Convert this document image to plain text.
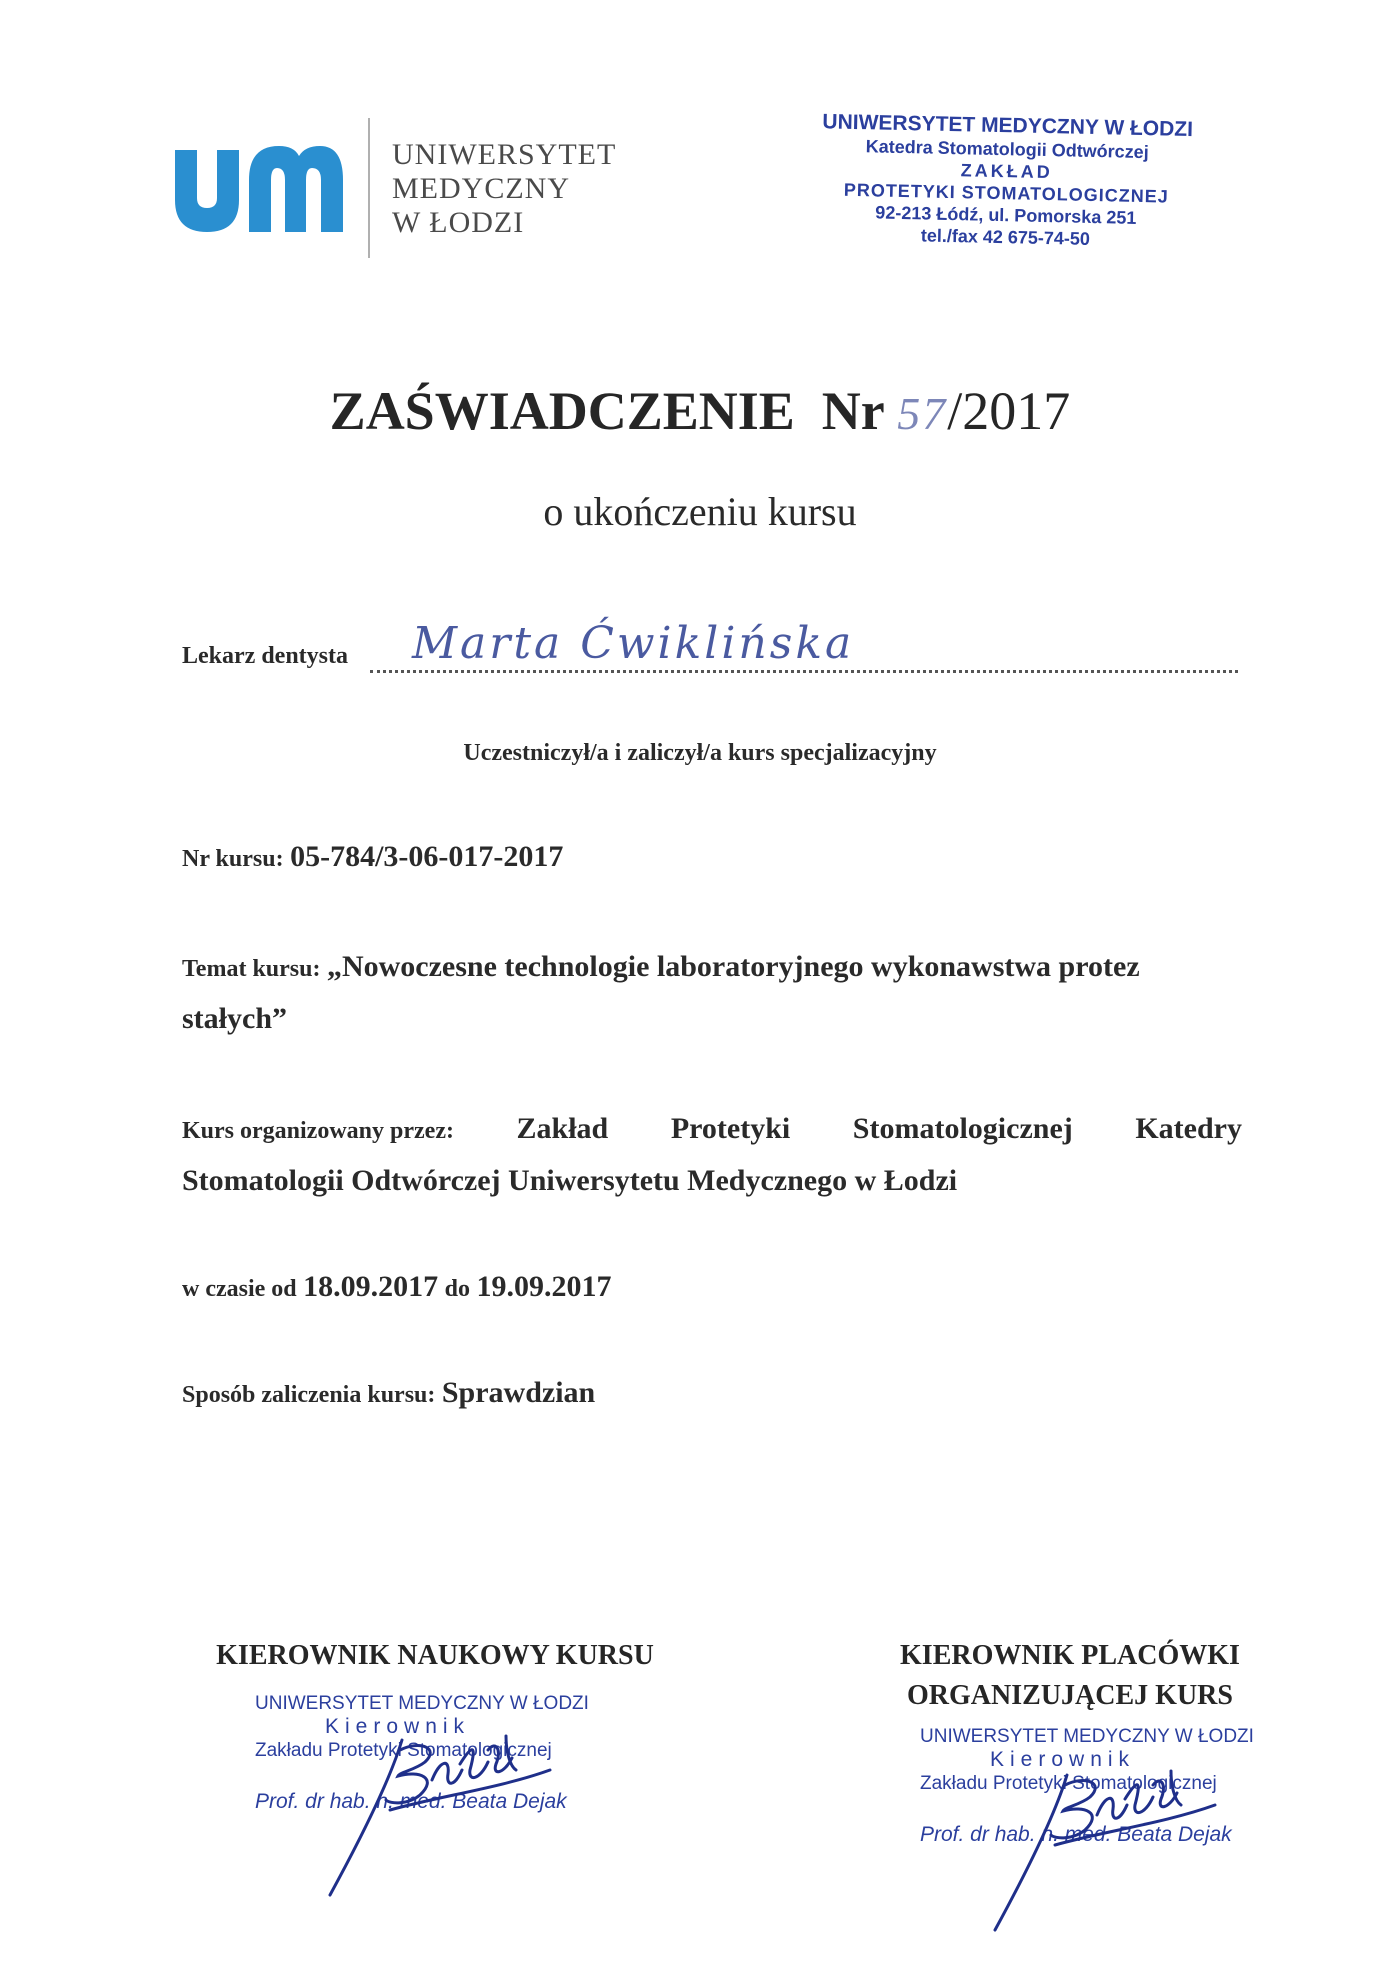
UNIWERSYTET
MEDYCZNY
W ŁODZI
UNIWERSYTET MEDYCZNY W ŁODZI
Katedra Stomatologii Odtwórczej
ZAKŁAD
PROTETYKI STOMATOLOGICZNEJ
92-213 Łódź, ul. Pomorska 251
tel./fax 42 675-74-50
ZAŚWIADCZENIE Nr 57/2017
o ukończeniu kursu
Lekarz dentysta Marta Ćwiklińska
Uczestniczył/a i zaliczył/a kurs specjalizacyjny
Nr kursu: 05-784/3-06-017-2017
Temat kursu: „Nowoczesne technologie laboratoryjnego wykonawstwa protez
stałych”
Kurs organizowany przez: Zakład Protetyki Stomatologicznej Katedry
Stomatologii Odtwórczej Uniwersytetu Medycznego w Łodzi
w czasie od 18.09.2017 do 19.09.2017
Sposób zaliczenia kursu: Sprawdzian
KIEROWNIK NAUKOWY KURSU
UNIWERSYTET MEDYCZNY W ŁODZI
Kierownik
Zakładu Protetyki Stomatologicznej
Prof. dr hab. n. med. Beata Dejak
KIEROWNIK PLACÓWKI
ORGANIZUJĄCEJ KURS
UNIWERSYTET MEDYCZNY W ŁODZI
Kierownik
Zakładu Protetyki Stomatologicznej
Prof. dr hab. n. med. Beata Dejak
